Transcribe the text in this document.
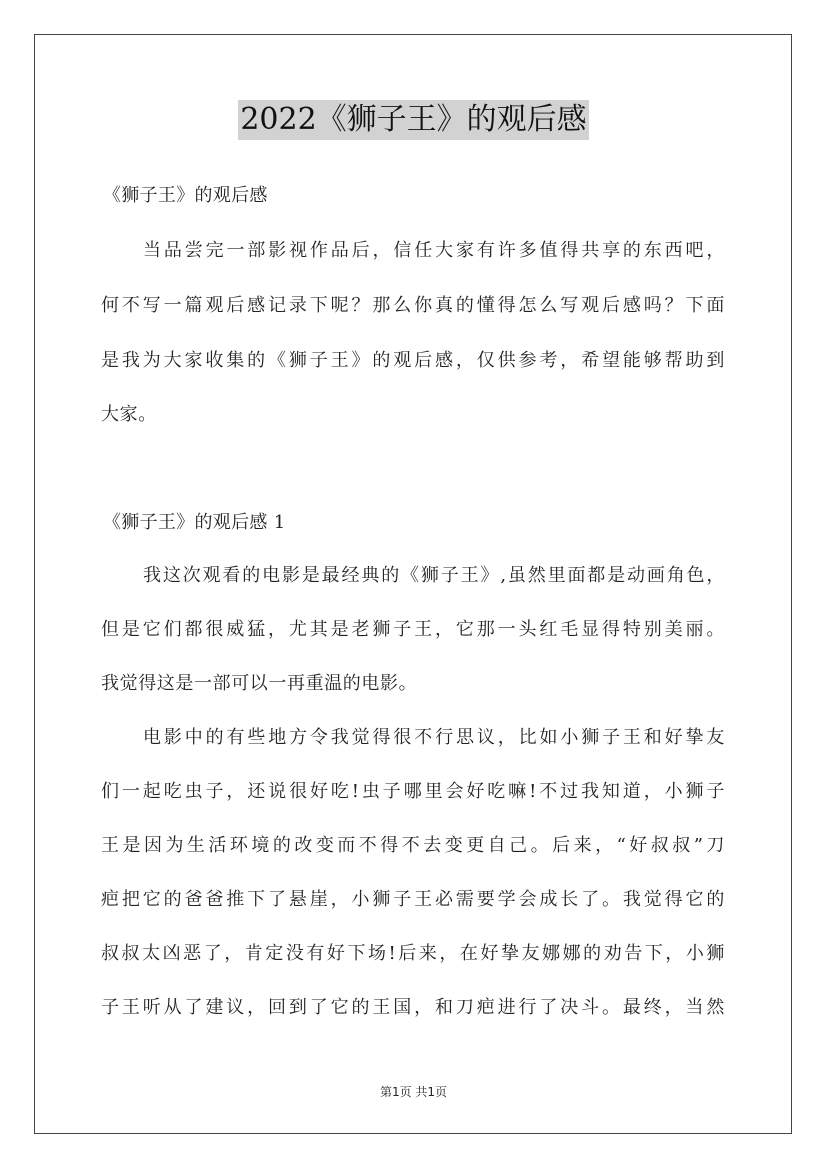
2022《狮子王》的观后感
《狮子王》的观后感
当品尝完一部影视作品后，信任大家有许多值得共享的东西吧，
何不写一篇观后感记录下呢？那么你真的懂得怎么写观后感吗？下面
是我为大家收集的《狮子王》的观后感，仅供参考，希望能够帮助到
大家。
《狮子王》的观后感 1
我这次观看的电影是最经典的《狮子王》,虽然里面都是动画角色，
但是它们都很威猛，尤其是老狮子王，它那一头红毛显得特别美丽。
我觉得这是一部可以一再重温的电影。
电影中的有些地方令我觉得很不行思议，比如小狮子王和好挚友
们一起吃虫子，还说很好吃!虫子哪里会好吃嘛!不过我知道，小狮子
王是因为生活环境的改变而不得不去变更自己。后来，“好叔叔”刀
疤把它的爸爸推下了悬崖，小狮子王必需要学会成长了。我觉得它的
叔叔太凶恶了，肯定没有好下场!后来，在好挚友娜娜的劝告下，小狮
子王听从了建议，回到了它的王国，和刀疤进行了决斗。最终，当然
第1页 共1页
